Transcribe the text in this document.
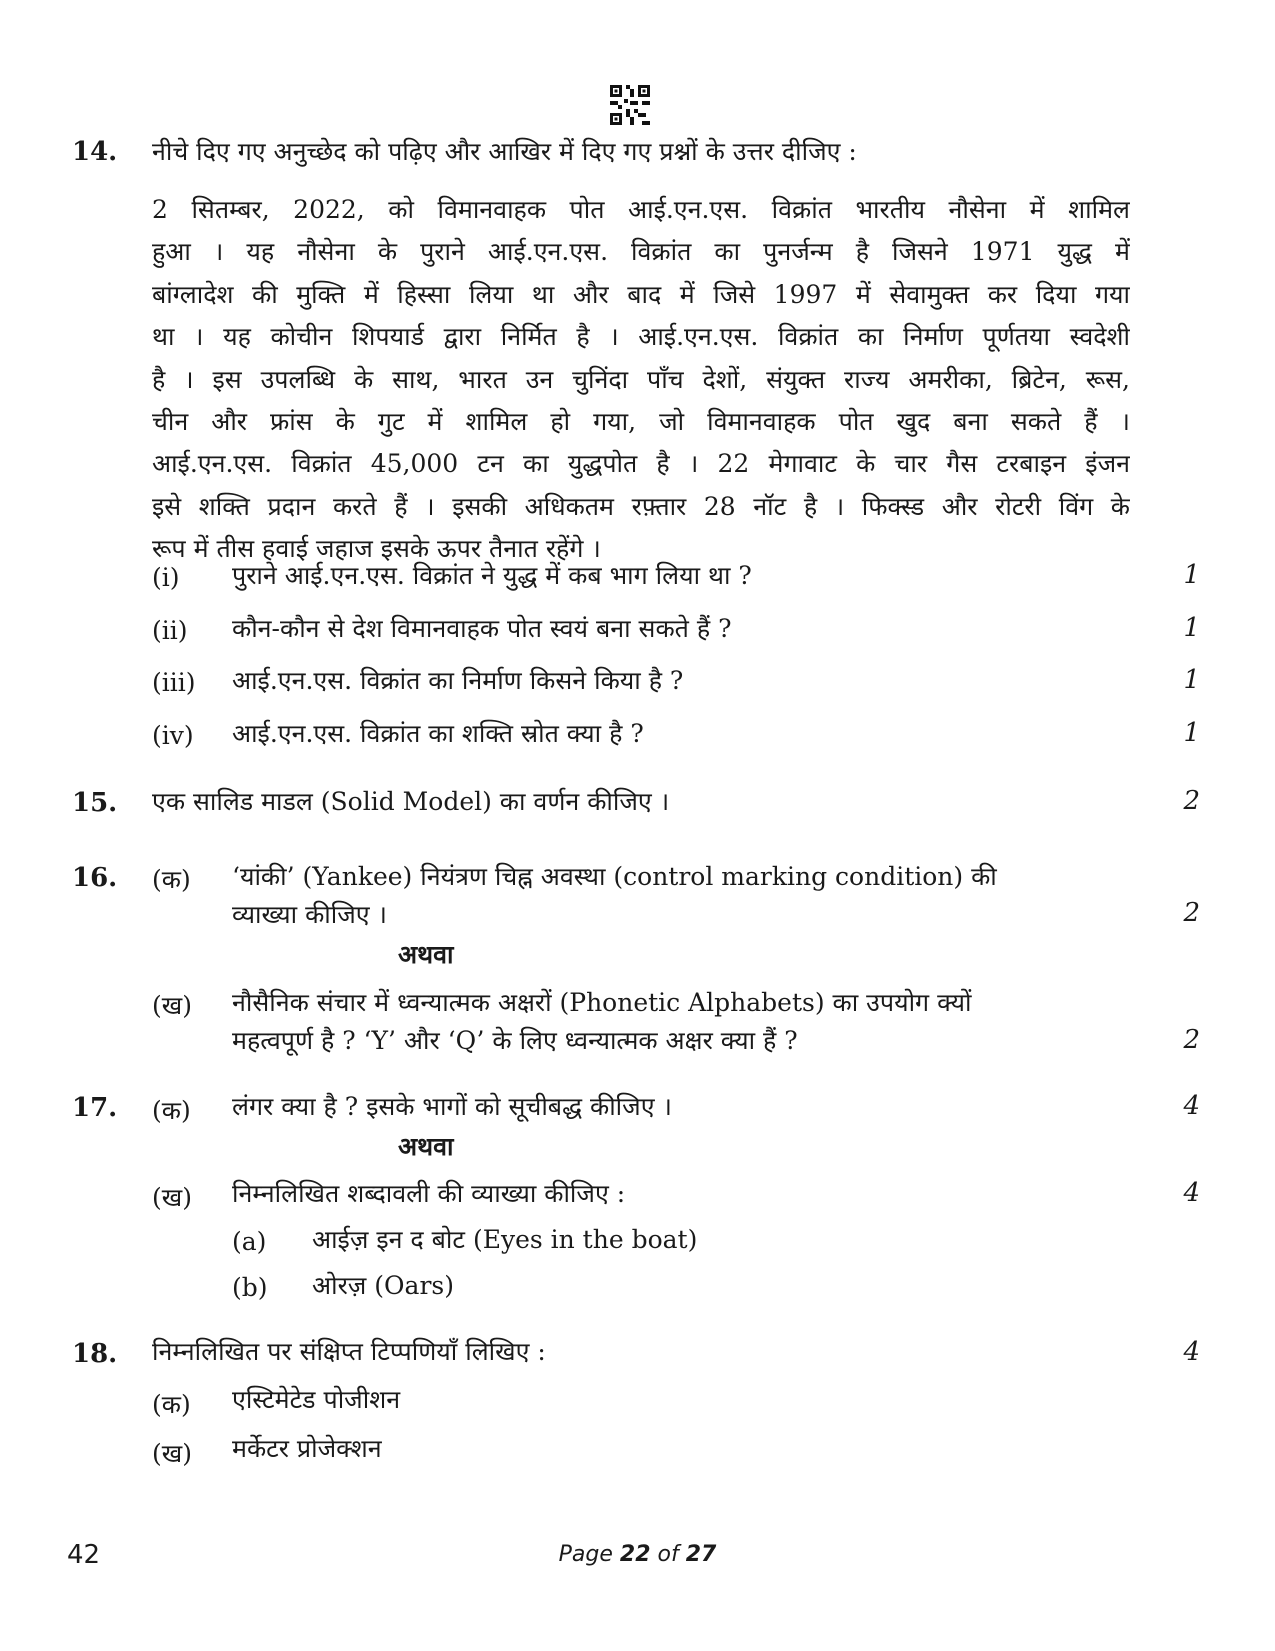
14. नीचे दिए गए अनुच्छेद को पढ़िए और आखिर में दिए गए प्रश्नों के उत्तर दीजिए :
2 सितम्बर, 2022, को विमानवाहक पोत आई.एन.एस. विक्रांत भारतीय नौसेना में शामिल
हुआ । यह नौसेना के पुराने आई.एन.एस. विक्रांत का पुनर्जन्म है जिसने 1971 युद्ध में
बांग्लादेश की मुक्ति में हिस्सा लिया था और बाद में जिसे 1997 में सेवामुक्त कर दिया गया
था । यह कोचीन शिपयार्ड द्वारा निर्मित है । आई.एन.एस. विक्रांत का निर्माण पूर्णतया स्वदेशी
है । इस उपलब्धि के साथ, भारत उन चुनिंदा पाँच देशों, संयुक्त राज्य अमरीका, ब्रिटेन, रूस,
चीन और फ्रांस के गुट में शामिल हो गया, जो विमानवाहक पोत खुद बना सकते हैं ।
आई.एन.एस. विक्रांत 45,000 टन का युद्धपोत है । 22 मेगावाट के चार गैस टरबाइन इंजन
इसे शक्ति प्रदान करते हैं । इसकी अधिकतम रफ़्तार 28 नॉट है । फिक्स्ड और रोटरी विंग के
रूप में तीस हवाई जहाज इसके ऊपर तैनात रहेंगे ।
(i) पुराने आई.एन.एस. विक्रांत ने युद्ध में कब भाग लिया था ?	1
(ii) कौन-कौन से देश विमानवाहक पोत स्वयं बना सकते हैं ?	1
(iii) आई.एन.एस. विक्रांत का निर्माण किसने किया है ?	1
(iv) आई.एन.एस. विक्रांत का शक्ति स्रोत क्या है ?	1
15. एक सालिड माडल (Solid Model) का वर्णन कीजिए ।	2
16. (क) ‘यांकी’ (Yankee) नियंत्रण चिह्न अवस्था (control marking condition) की
व्याख्या कीजिए ।	2
अथवा
(ख) नौसैनिक संचार में ध्वन्यात्मक अक्षरों (Phonetic Alphabets) का उपयोग क्यों
महत्वपूर्ण है ? ‘Y’ और ‘Q’ के लिए ध्वन्यात्मक अक्षर क्या हैं ?	2
17. (क) लंगर क्या है ? इसके भागों को सूचीबद्ध कीजिए ।	4
अथवा
(ख) निम्नलिखित शब्दावली की व्याख्या कीजिए :	4
(a) आईज़ इन द बोट (Eyes in the boat)
(b) ओरज़ (Oars)
18. निम्नलिखित पर संक्षिप्त टिप्पणियाँ लिखिए :	4
(क) एस्टिमेटेड पोजीशन
(ख) मर्केटर प्रोजेक्शन
42	Page 22 of 27
